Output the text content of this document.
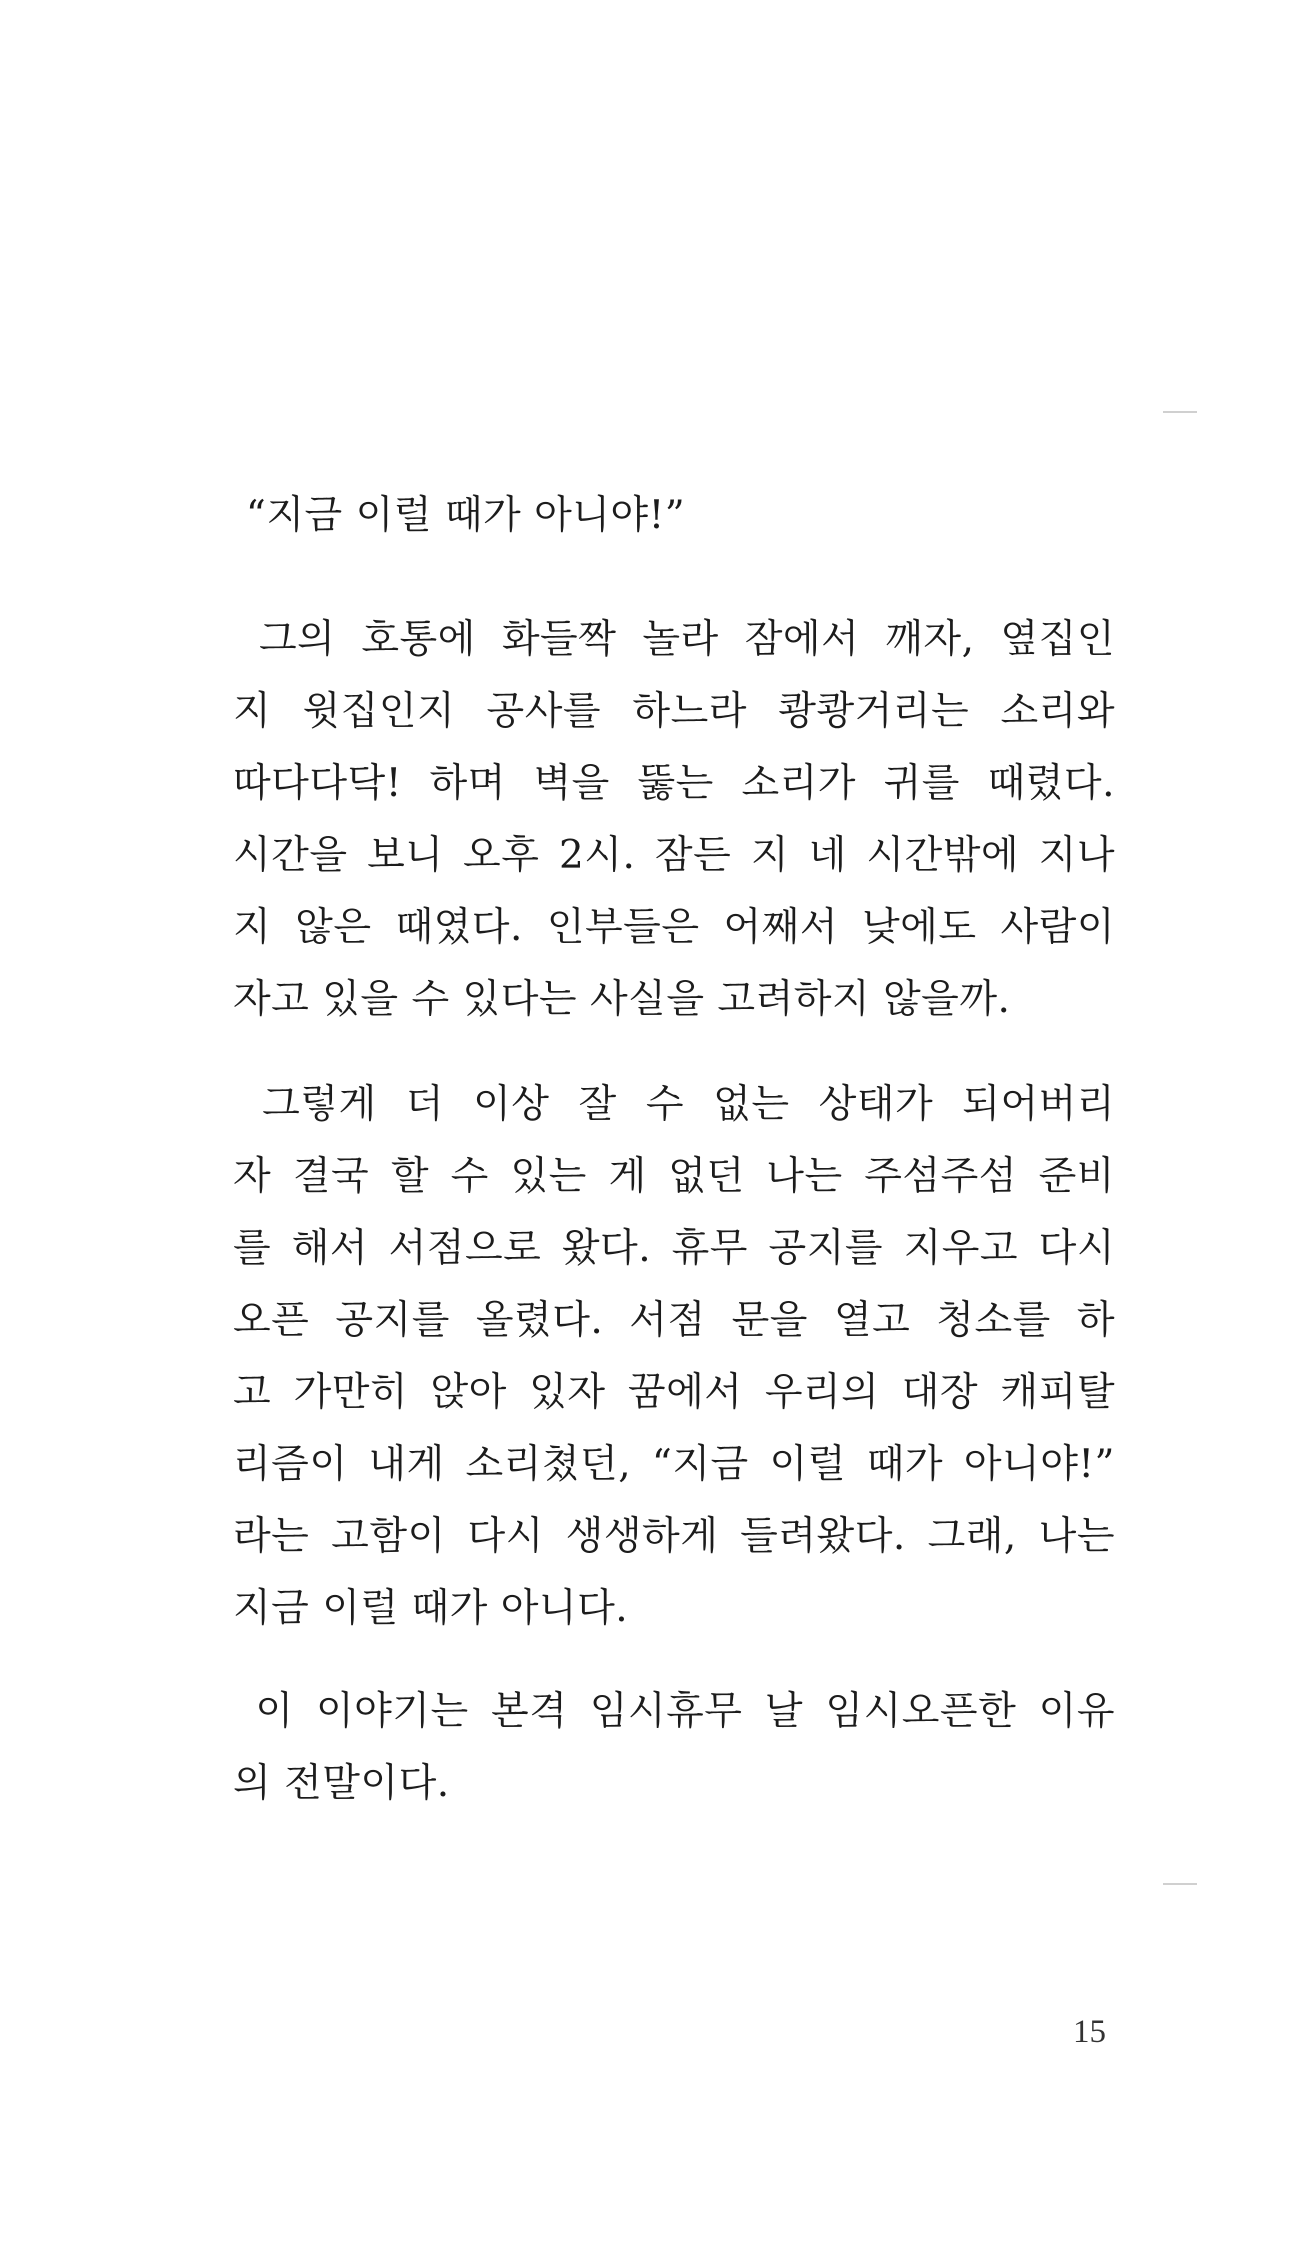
“지금 이럴 때가 아니야!”
그의 호통에 화들짝 놀라 잠에서 깨자, 옆집인
지 윗집인지 공사를 하느라 쾅쾅거리는 소리와
따다다닥! 하며 벽을 뚫는 소리가 귀를 때렸다.
시간을 보니 오후 2시. 잠든 지 네 시간밖에 지나
지 않은 때였다. 인부들은 어째서 낮에도 사람이
자고 있을 수 있다는 사실을 고려하지 않을까.
그렇게 더 이상 잘 수 없는 상태가 되어버리
자 결국 할 수 있는 게 없던 나는 주섬주섬 준비
를 해서 서점으로 왔다. 휴무 공지를 지우고 다시
오픈 공지를 올렸다. 서점 문을 열고 청소를 하
고 가만히 앉아 있자 꿈에서 우리의 대장 캐피탈
리즘이 내게 소리쳤던, “지금 이럴 때가 아니야!”
라는 고함이 다시 생생하게 들려왔다. 그래, 나는
지금 이럴 때가 아니다.
이 이야기는 본격 임시휴무 날 임시오픈한 이유
의 전말이다.
15
